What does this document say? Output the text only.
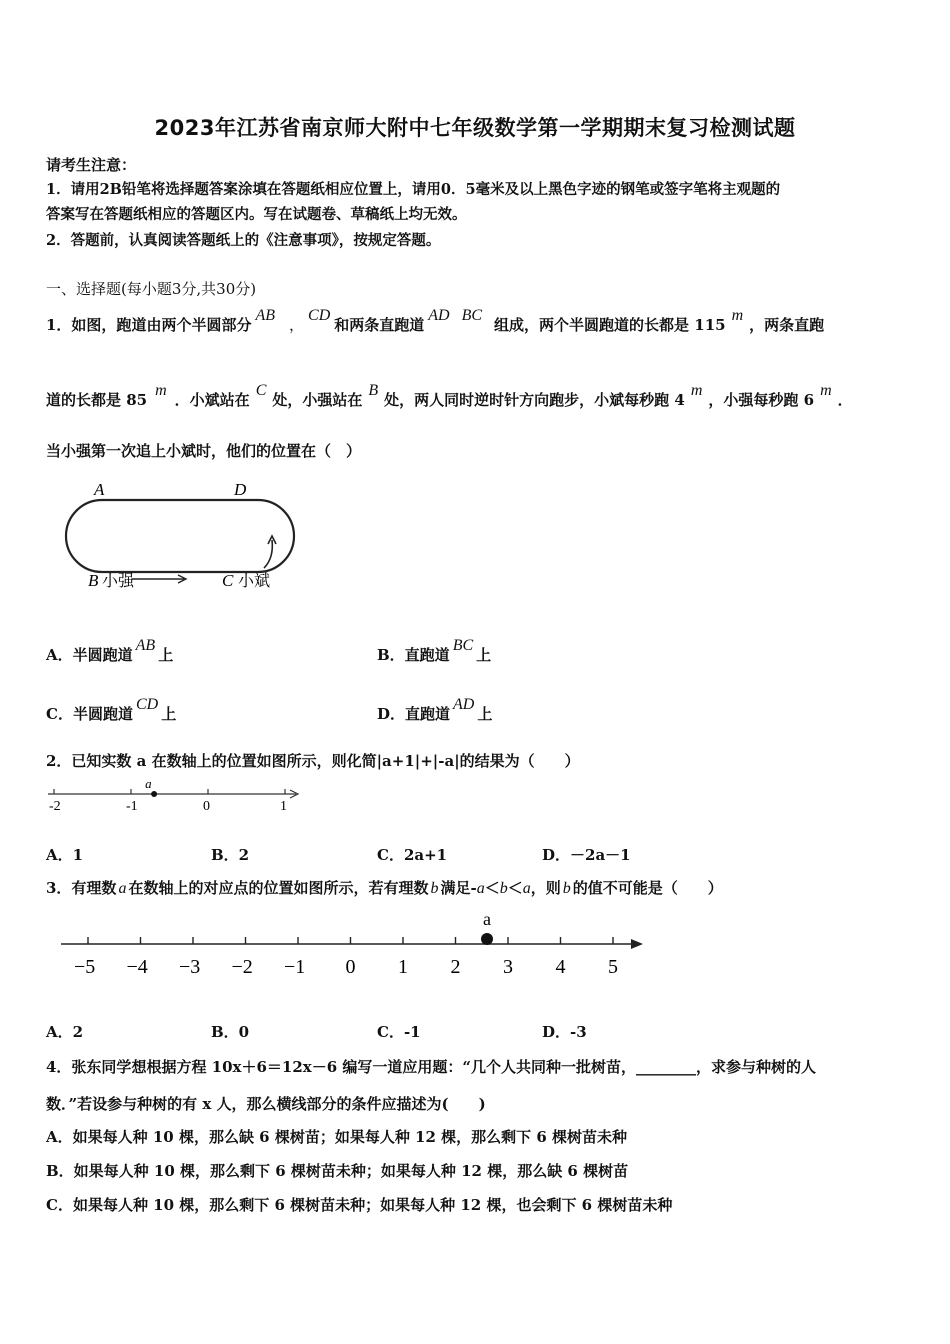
2023年江苏省南京师大附中七年级数学第一学期期末复习检测试题
请考生注意：
1．请用2B铅笔将选择题答案涂填在答题纸相应位置上，请用0．5毫米及以上黑色字迹的钢笔或签字笔将主观题的
答案写在答题纸相应的答题区内。写在试题卷、草稿纸上均无效。
2．答题前，认真阅读答题纸上的《注意事项》，按规定答题。
一、选择题(每小题3分,共30分)
1．如图，跑道由两个半圆部分AB，CD和两条直跑道AD BC组成，两个半圆跑道的长都是 115m，两条直跑
道的长都是 85m．小斌站在C处，小强站在B处，两人同时逆时针方向跑步，小斌每秒跑 4m，小强每秒跑 6m．
当小强第一次追上小斌时，他们的位置在（　）
A	D
B 小强	C 小斌
A．半圆跑道AB上	B．直跑道BC上
C．半圆跑道CD上	D．直跑道AD上
2．已知实数 a 在数轴上的位置如图所示，则化简|a+1|+|-a|的结果为（　　）
-2	-1	0	1
a
A．1	B．2	C．2a+1	D．－2a－1
3．有理数 a 在数轴上的对应点的位置如图所示，若有理数 b 满足-a＜b＜a，则 b 的值不可能是（　　）
−5 −4 −3 −2 −1 0 1 2 3 4 5
a
A．2	B．0	C．-1	D．-3
4．张东同学想根据方程 10x＋6＝12x－6 编写一道应用题：“几个人共同种一批树苗，________，求参与种树的人
数．”若设参与种树的有 x 人，那么横线部分的条件应描述为(　　)
A．如果每人种 10 棵，那么缺 6 棵树苗；如果每人种 12 棵，那么剩下 6 棵树苗未种
B．如果每人种 10 棵，那么剩下 6 棵树苗未种；如果每人种 12 棵，那么缺 6 棵树苗
C．如果每人种 10 棵，那么剩下 6 棵树苗未种；如果每人种 12 棵，也会剩下 6 棵树苗未种
